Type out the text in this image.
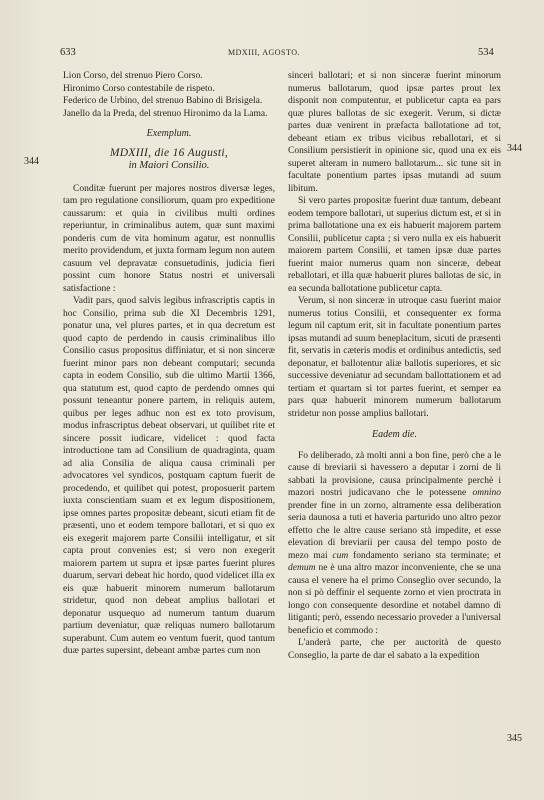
633	MDXIII, AGOSTO.	534
344
344
345

Lion Corso, del strenuo Piero Corso.

Hironimo Corso contestabile de rispeto.

Federico de Urbino, del strenuo Babino di Brisigela.

Janello da la Preda, del strenuo Hironimo da la Lama.

Exemplum.

MDXIII, die 16 Augusti,
in Maiori Consilio.

Conditæ fuerunt per majores nostros diversæ leges, tam pro regulatione consiliorum, quam pro expeditione caussarum: et quia in civilibus multi ordines reperiuntur, in criminalibus autem, quæ sunt maximi ponderis cum de vita hominum agatur, est nonnullis merito providendum, et juxta formam legum non autem casuum vel depravatæ consuetudinis, judicia fieri possint cum honore Status nostri et universali satisfactione :

Vadit pars, quod salvis legibus infrascriptis captis in hoc Consilio, prima sub die XI Decembris 1291, ponatur una, vel plures partes, et in qua decretum est quod capto de perdendo in causis criminalibus illo Consilio casus propositus diffiniatur, et si non sinceræ fuerint minor pars non debeant computari; secunda capta in eodem Consilio, sub die ultimo Martii 1366, qua statutum est, quod capto de perdendo omnes qui possunt teneantur ponere partem, in reliquis autem, quibus per leges adhuc non est ex toto provisum, modus infrascriptus debeat observari, ut quilibet rite et sincere possit iudicare, videlicet : quod facta introductione tam ad Consilium de quadraginta, quam ad alia Consilia de aliqua causa criminali per advocatores vel syndicos, postquam captum fuerit de procedendo, et quilibet qui potest, proposuerit partem iuxta conscientiam suam et ex legum dispositionem, ipse omnes partes propositæ debeant, sicuti etiam fit de præsenti, uno et eodem tempore ballotari, et si quo ex eis exegerit majorem parte Consilii intelligatur, et sit capta prout convenies est; si vero non exegerit maiorem partem ut supra et ipsæ partes fuerint plures duarum, servari debeat hic hordo, quod videlicet illa ex eis quæ habuerit minorem numerum ballotarum stridetur, quod non debeat amplius ballotari et deponatur usquequo ad numerum tantum duarum partium deveniatur, quæ reliquas numero ballotarum superabunt. Cum autem eo ventum fuerit, quod tantum duæ partes supersint, debeant ambæ partes cum non

sinceri ballotari; et si non sinceræ fuerint minorum numerus ballotarum, quod ipsæ partes prout lex disponit non computentur, et publicetur capta ea pars quæ plures ballotas de sic exegerit. Verum, si dictæ partes duæ venirent in præfacta ballotatione ad tot, debeant etiam ex tribus vicibus reballotari, et si Consilium persistierit in opinione sic, quod una ex eis superet alteram in numero ballotarum... sic tune sit in facultate ponentium partes ipsas mutandi ad suum libitum.

Si vero partes propositæ fuerint duæ tantum, debeant eodem tempore ballotari, ut superius dictum est, et si in prima ballotatione una ex eis habuerit majorem partem Consilii, publicetur capta ; si vero nulla ex eis habuerit maiorem partem Consilii, et tamen ipsæ duæ partes fuerint maior numerus quam non sinceræ, debeat reballotari, et illa quæ habuerit plures ballotas de sic, in ea secunda ballotatione publicetur capta.

Verum, si non sinceræ in utroque casu fuerint maior numerus totius Consilii, et consequenter ex forma legum nil captum erit, sit in facultate ponentium partes ipsas mutandi ad suum beneplacitum, sicuti de præsenti fit, servatis in cæteris modis et ordinibus antedictis, sed deponatur, et ballotentur aliæ ballotis superiores, et sic successive deveniatur ad secundam ballottationem et ad tertiam et quartam si tot partes fuerint, et semper ea pars quæ habuerit minorem numerum ballotarum stridetur non posse amplius ballotari.

Eadem die.

Fo deliberado, zà molti anni a bon fine, però che a le cause di breviarii si havessero a deputar i zorni de li sabbati la provisione, causa principalmente perchè i mazori nostri judicavano che le potessene omnino prender fine in un zorno, altramente essa deliberation seria daunosa a tuti et haveria parturido uno altro pezor effetto che le altre cause seriano stà impedite, et esse elevation di breviarii per causa del tempo posto de mezo mai cum fondamento seriano sta terminate; et demum ne è una altro mazor inconveniente, che se una causa el venere ha el primo Conseglio over secundo, la non si pò deffinir el sequente zorno et vien proctrata in longo con consequente desordine et notabel damno di litiganti; però, essendo necessario proveder a l'universal beneficio et commodo :

L'anderà parte, che per auctorità de questo Conseglio, la parte de dar el sabato a la expedition
